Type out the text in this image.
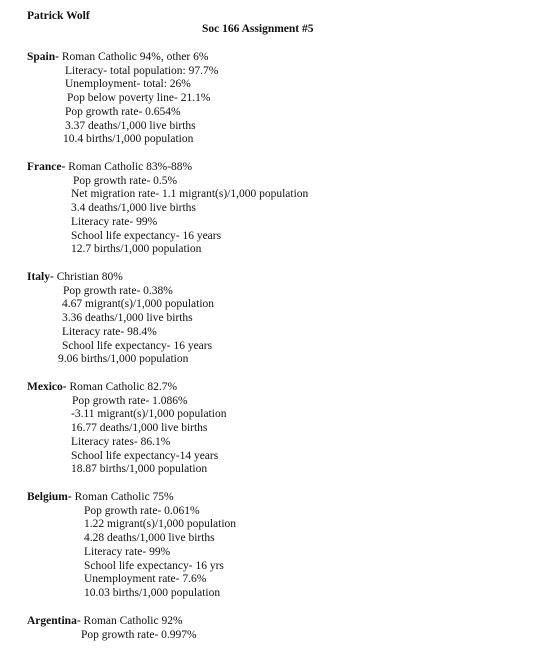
Patrick Wolf
Soc 166 Assignment #5
Spain- Roman Catholic 94%, other 6%
Literacy- total population: 97.7%
Unemployment- total: 26%
Pop below poverty line- 21.1%
Pop growth rate- 0.654%
3.37 deaths/1,000 live births
10.4 births/1,000 population
France- Roman Catholic 83%-88%
Pop growth rate- 0.5%
Net migration rate- 1.1 migrant(s)/1,000 population
3.4 deaths/1,000 live births
Literacy rate- 99%
School life expectancy- 16 years
12.7 births/1,000 population
Italy- Christian 80%
Pop growth rate- 0.38%
4.67 migrant(s)/1,000 population
3.36 deaths/1,000 live births
Literacy rate- 98.4%
School life expectancy- 16 years
9.06 births/1,000 population
Mexico- Roman Catholic 82.7%
Pop growth rate- 1.086%
-3.11 migrant(s)/1,000 population
16.77 deaths/1,000 live births
Literacy rates- 86.1%
School life expectancy-14 years
18.87 births/1,000 population
Belgium- Roman Catholic 75%
Pop growth rate- 0.061%
1.22 migrant(s)/1,000 population
4.28 deaths/1,000 live births
Literacy rate- 99%
School life expectancy- 16 yrs
Unemployment rate- 7.6%
10.03 births/1,000 population
Argentina- Roman Catholic 92%
Pop growth rate- 0.997%
